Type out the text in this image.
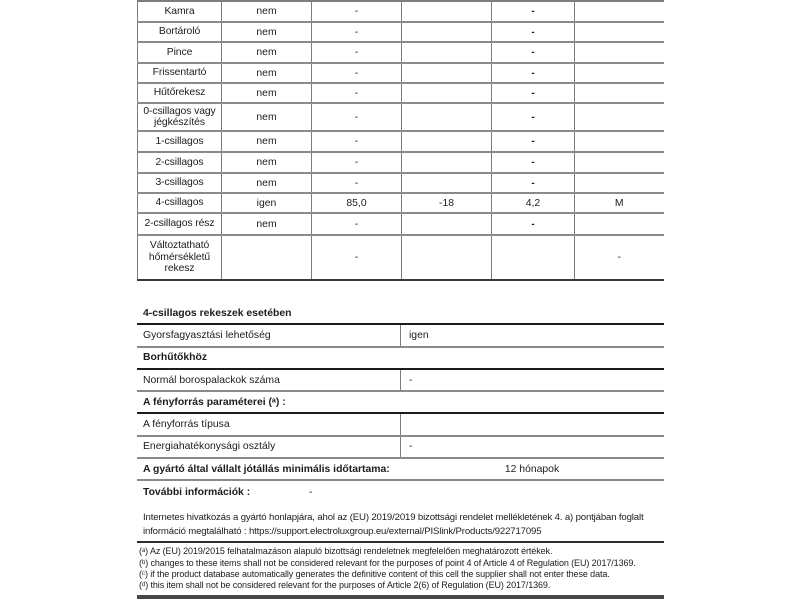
Kamra	nem	-		-	
Bortároló	nem	-		-	
Pince	nem	-		-	
Frissentartó	nem	-		-	
Hűtőrekesz	nem	-		-	
0-csillagos vagy jégkészítés	nem	-		-	
1-csillagos	nem	-		-	
2-csillagos	nem	-		-	
3-csillagos	nem	-		-	
4-csillagos	igen	85,0	-18	4,2	M
2-csillagos rész	nem	-		-	
Változtatható hőmérsékletű rekesz		-			-
4-csillagos rekeszek esetében
Gyorsfagyasztási lehetőség	igen
Borhűtőkhöz
Normál borospalackok száma	-
A fényforrás paraméterei (ᵃ) :
A fényforrás típusa
Energiahatékonysági osztály	-
A gyártó által vállalt jótállás minimális időtartama:	12 hónapok
További információk :	-
Internetes hivatkozás a gyártó honlapjára, ahol az (EU) 2019/2019 bizottsági rendelet mellékletének 4. a) pontjában foglalt
információ megtalálható : https://support.electroluxgroup.eu/external/PISlink/Products/922717095
(ᵃ) Az (EU) 2019/2015 felhatalmazáson alapuló bizottsági rendeletnek megfelelően meghatározott értékek.
(ᵇ) changes to these items shall not be considered relevant for the purposes of point 4 of Article 4 of Regulation (EU) 2017/1369.
(ᶜ) if the product database automatically generates the definitive content of this cell the supplier shall not enter these data.
(ᵈ) this item shall not be considered relevant for the purposes of Article 2(6) of Regulation (EU) 2017/1369.
